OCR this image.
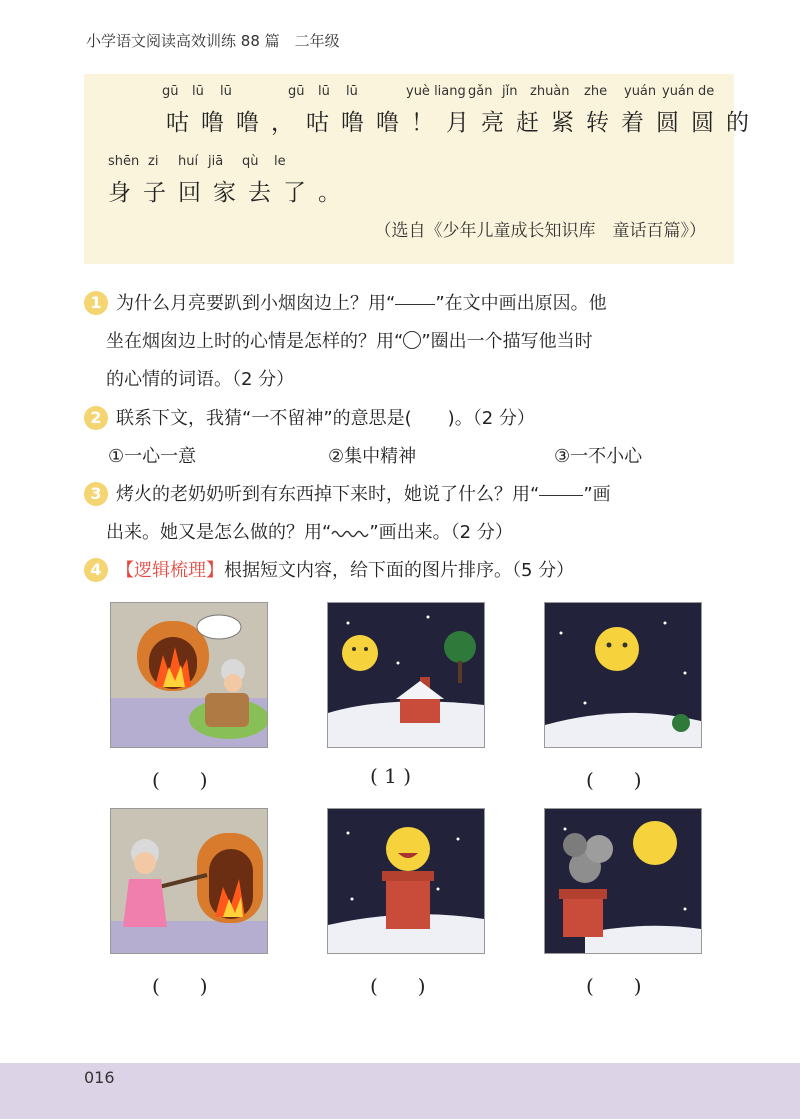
小学语文阅读高效训练 88 篇　二年级
gū lū lū	gū lū lū	yuè liang gǎn jǐn zhuàn zhe yuán yuán de
咕噜噜，咕噜噜！月亮赶紧转着圆圆的
shēn zi huí jiā qù le
身子回家去了。
（选自《少年儿童成长知识库　童话百篇》）
1 为什么月亮要趴到小烟囱边上？用“ ”在文中画出原因。他
坐在烟囱边上时的心情是怎样的？用“ ”圈出一个描写他当时
的心情的词语。（2 分）
2 联系下文，我猜“一不留神”的意思是(　　)。（2 分）
①一心一意	②集中精神	③一不小心
3 烤火的老奶奶听到有东西掉下来时，她说了什么？用“ ”画
出来。她又是怎么做的？用“ ”画出来。（2 分）
4 【逻辑梳理】根据短文内容，给下面的图片排序。（5 分）
(　　)	( 1 )	(　　)
(　　)	(　　)	(　　)
016
